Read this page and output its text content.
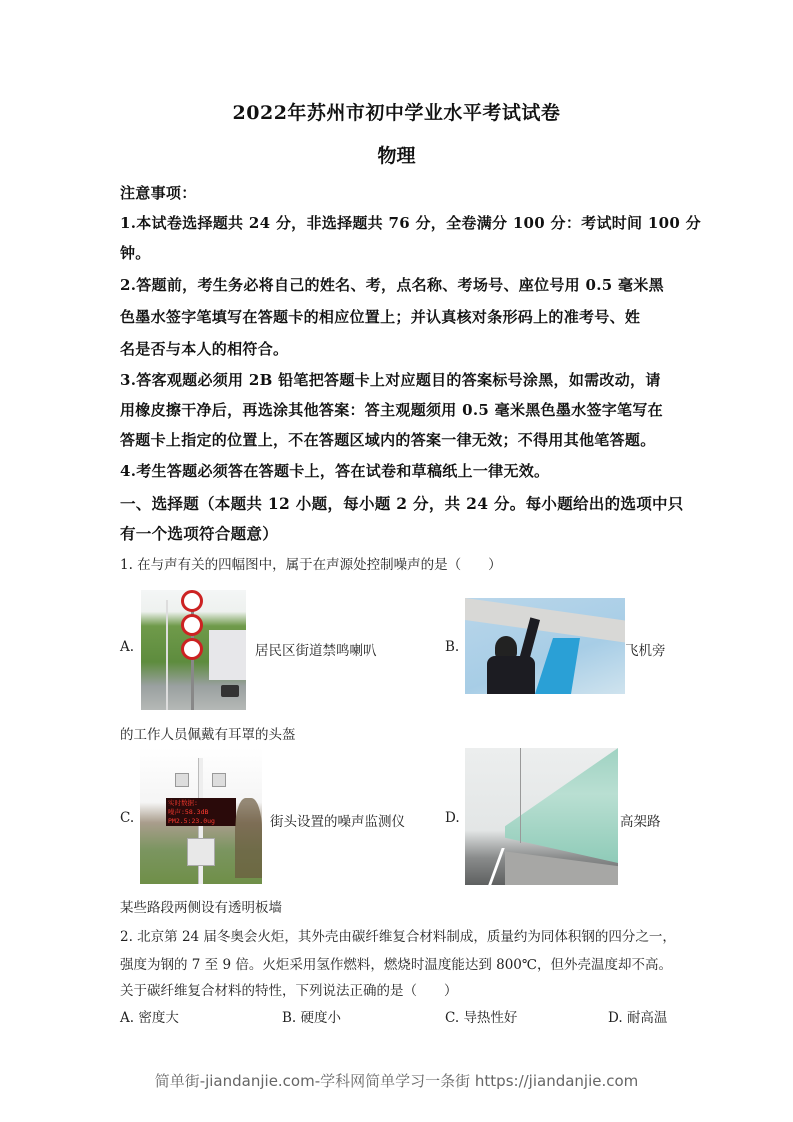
2022年苏州市初中学业水平考试试卷
物理
注意事项：
1.本试卷选择题共 24 分，非选择题共 76 分，全卷满分 100 分：考试时间 100 分
钟。
2.答题前，考生务必将自己的姓名、考，点名称、考场号、座位号用 0.5 毫米黑
色墨水签字笔填写在答题卡的相应位置上；并认真核对条形码上的准考号、姓
名是否与本人的相符合。
3.答客观题必须用 2B 铅笔把答题卡上对应题目的答案标号涂黑，如需改动，请
用橡皮擦干净后，再选涂其他答案：答主观题须用 0.5 毫米黑色墨水签字笔写在
答题卡上指定的位置上，不在答题区域内的答案一律无效；不得用其他笔答题。
4.考生答题必须答在答题卡上，答在试卷和草稿纸上一律无效。
一、选择题（本题共 12 小题，每小题 2 分，共 24 分。每小题给出的选项中只
有一个选项符合题意）
1. 在与声有关的四幅图中，属于在声源处控制噪声的是（　　）
A.	居民区街道禁鸣喇叭	B.	飞机旁
的工作人员佩戴有耳罩的头盔
C.
实时数据:
噪声:58.3dB
PM2.5:23.0ug	街头设置的噪声监测仪	D.	高架路
某些路段两侧设有透明板墙
2. 北京第 24 届冬奥会火炬，其外壳由碳纤维复合材料制成，质量约为同体积钢的四分之一，
强度为钢的 7 至 9 倍。火炬采用氢作燃料，燃烧时温度能达到 800℃，但外壳温度却不高。
关于碳纤维复合材料的特性，下列说法正确的是（　　）
A. 密度大	B. 硬度小	C. 导热性好	D. 耐高温
简单街-jiandanjie.com-学科网简单学习一条街 https://jiandanjie.com
